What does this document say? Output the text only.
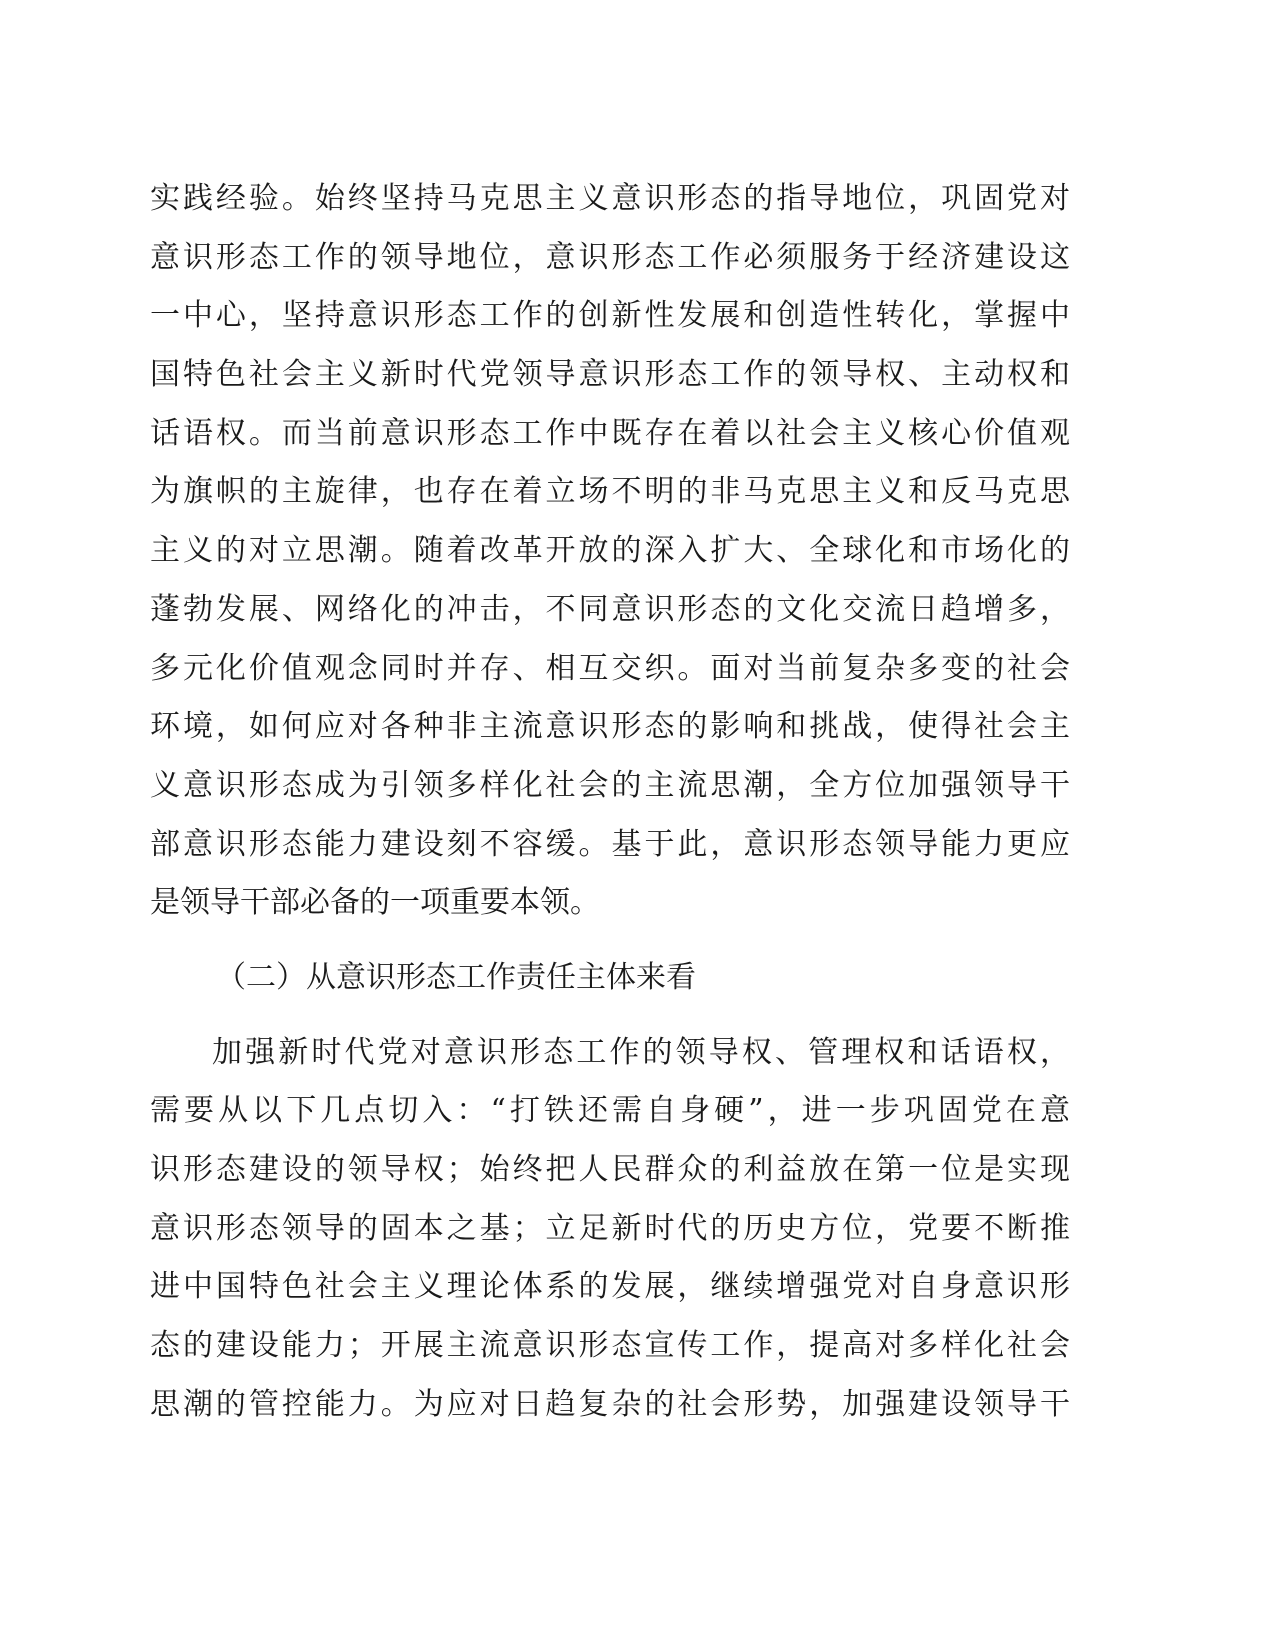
实践经验。始终坚持马克思主义意识形态的指导地位，巩固党对
意识形态工作的领导地位，意识形态工作必须服务于经济建设这
一中心，坚持意识形态工作的创新性发展和创造性转化，掌握中
国特色社会主义新时代党领导意识形态工作的领导权、主动权和
话语权。而当前意识形态工作中既存在着以社会主义核心价值观
为旗帜的主旋律，也存在着立场不明的非马克思主义和反马克思
主义的对立思潮。随着改革开放的深入扩大、全球化和市场化的
蓬勃发展、网络化的冲击，不同意识形态的文化交流日趋增多，
多元化价值观念同时并存、相互交织。面对当前复杂多变的社会
环境，如何应对各种非主流意识形态的影响和挑战，使得社会主
义意识形态成为引领多样化社会的主流思潮，全方位加强领导干
部意识形态能力建设刻不容缓。基于此，意识形态领导能力更应
是领导干部必备的一项重要本领。
（二）从意识形态工作责任主体来看
加强新时代党对意识形态工作的领导权、管理权和话语权，
需要从以下几点切入：“打铁还需自身硬”，进一步巩固党在意
识形态建设的领导权；始终把人民群众的利益放在第一位是实现
意识形态领导的固本之基；立足新时代的历史方位，党要不断推
进中国特色社会主义理论体系的发展，继续增强党对自身意识形
态的建设能力；开展主流意识形态宣传工作，提高对多样化社会
思潮的管控能力。为应对日趋复杂的社会形势，加强建设领导干
